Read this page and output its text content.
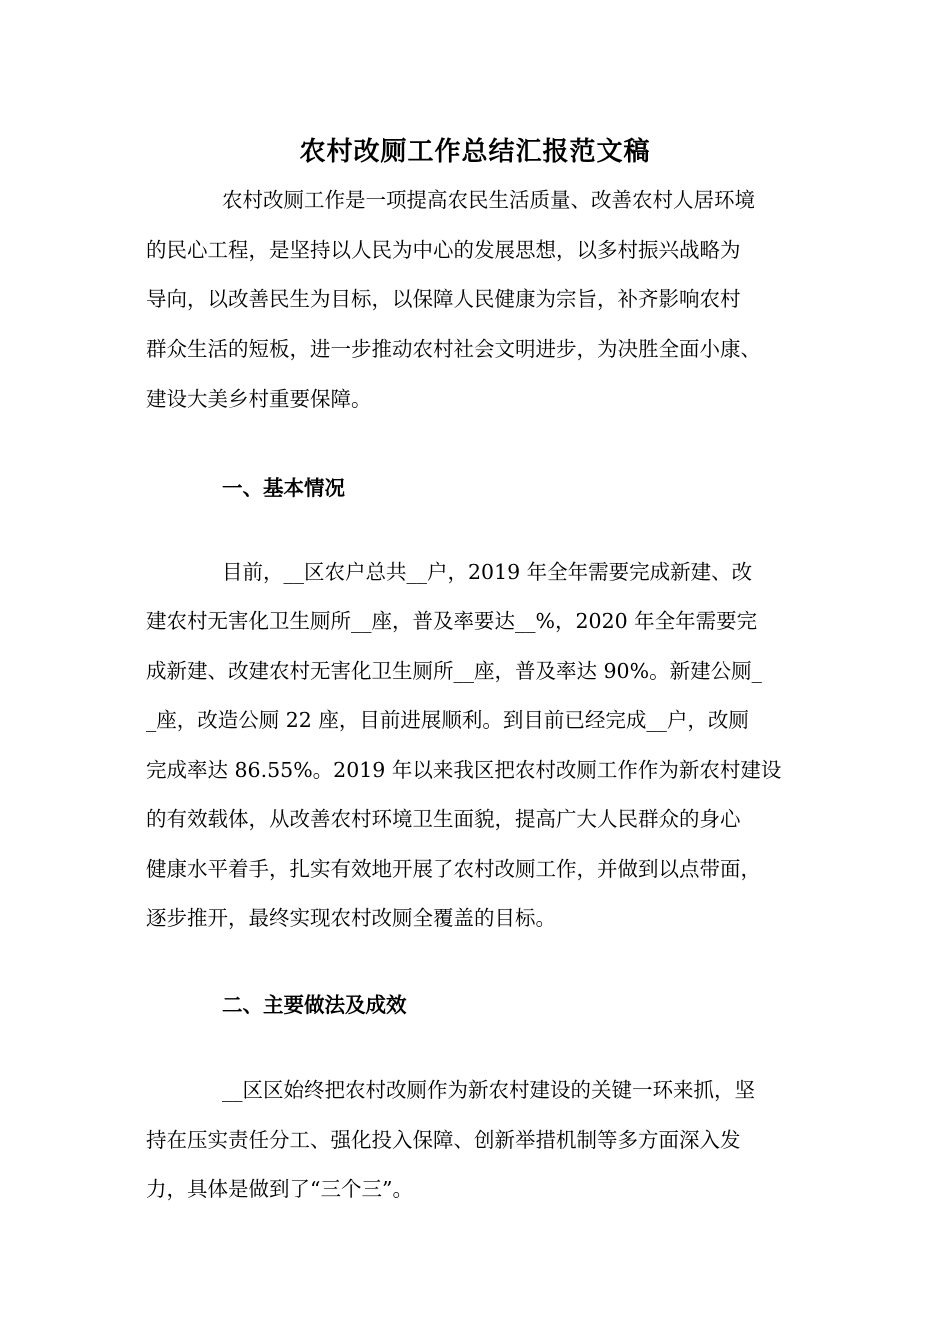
农村改厕工作总结汇报范文稿
农村改厕工作是一项提高农民生活质量、改善农村人居环境
的民心工程，是坚持以人民为中心的发展思想，以多村振兴战略为
导向，以改善民生为目标，以保障人民健康为宗旨，补齐影响农村
群众生活的短板，进一步推动农村社会文明进步，为决胜全面小康、
建设大美乡村重要保障。
一、基本情况
目前，__区农户总共__户，2019 年全年需要完成新建、改
建农村无害化卫生厕所__座，普及率要达__%，2020 年全年需要完
成新建、改建农村无害化卫生厕所__座，普及率达 90%。新建公厕_
_座，改造公厕 22 座，目前进展顺利。到目前已经完成__户，改厕
完成率达 86.55%。2019 年以来我区把农村改厕工作作为新农村建设
的有效载体，从改善农村环境卫生面貌，提高广大人民群众的身心
健康水平着手，扎实有效地开展了农村改厕工作，并做到以点带面，
逐步推开，最终实现农村改厕全覆盖的目标。
二、主要做法及成效
__区区始终把农村改厕作为新农村建设的关键一环来抓，坚
持在压实责任分工、强化投入保障、创新举措机制等多方面深入发
力，具体是做到了“三个三”。
